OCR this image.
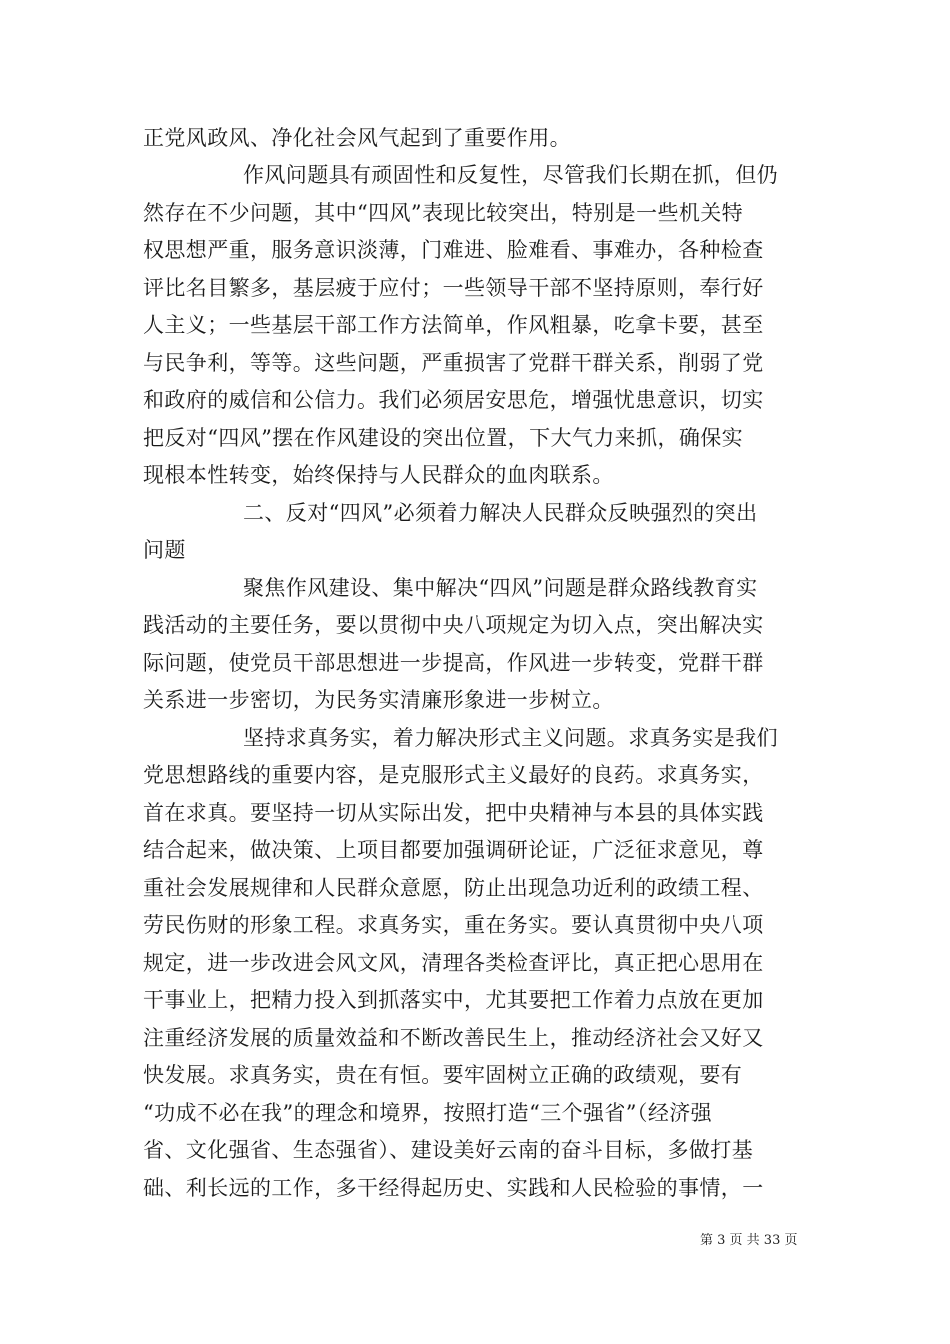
正党风政风、净化社会风气起到了重要作用。
作风问题具有顽固性和反复性，尽管我们长期在抓，但仍
然存在不少问题，其中“四风”表现比较突出，特别是一些机关特
权思想严重，服务意识淡薄，门难进、脸难看、事难办，各种检查
评比名目繁多，基层疲于应付；一些领导干部不坚持原则，奉行好
人主义；一些基层干部工作方法简单，作风粗暴，吃拿卡要，甚至
与民争利，等等。这些问题，严重损害了党群干群关系，削弱了党
和政府的威信和公信力。我们必须居安思危，增强忧患意识，切实
把反对“四风”摆在作风建设的突出位置，下大气力来抓，确保实
现根本性转变，始终保持与人民群众的血肉联系。
二、反对“四风”必须着力解决人民群众反映强烈的突出
问题
聚焦作风建设、集中解决“四风”问题是群众路线教育实
践活动的主要任务，要以贯彻中央八项规定为切入点，突出解决实
际问题，使党员干部思想进一步提高，作风进一步转变，党群干群
关系进一步密切，为民务实清廉形象进一步树立。
坚持求真务实，着力解决形式主义问题。求真务实是我们
党思想路线的重要内容，是克服形式主义最好的良药。求真务实，
首在求真。要坚持一切从实际出发，把中央精神与本县的具体实践
结合起来，做决策、上项目都要加强调研论证，广泛征求意见，尊
重社会发展规律和人民群众意愿，防止出现急功近利的政绩工程、
劳民伤财的形象工程。求真务实，重在务实。要认真贯彻中央八项
规定，进一步改进会风文风，清理各类检查评比，真正把心思用在
干事业上，把精力投入到抓落实中，尤其要把工作着力点放在更加
注重经济发展的质量效益和不断改善民生上，推动经济社会又好又
快发展。求真务实，贵在有恒。要牢固树立正确的政绩观，要有
“功成不必在我”的理念和境界，按照打造“三个强省”（经济强
省、文化强省、生态强省）、建设美好云南的奋斗目标，多做打基
础、利长远的工作，多干经得起历史、实践和人民检验的事情，一
第 3 页 共 33 页
